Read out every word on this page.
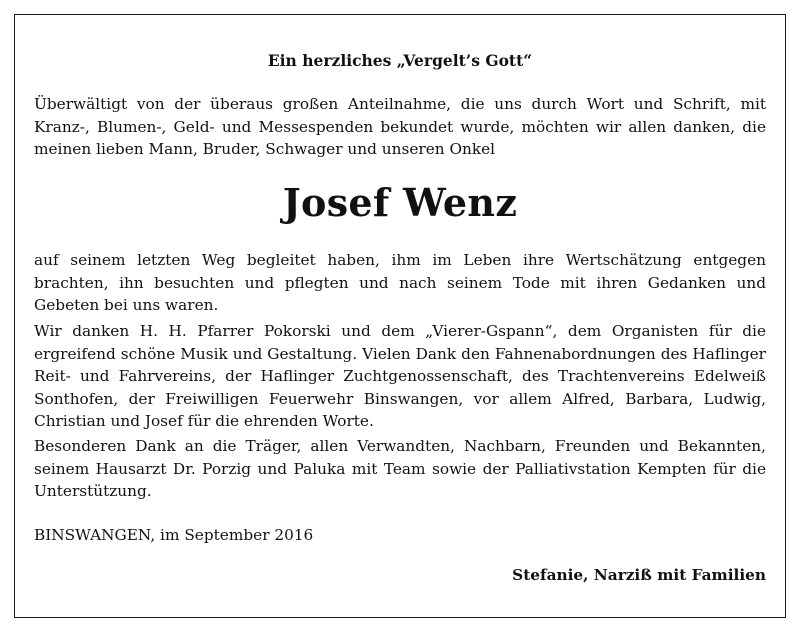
Ein herzliches „Vergelt’s Gott“
Überwältigt von der überaus großen Anteilnahme, die uns durch Wort und Schrift, mit Kranz-, Blumen-, Geld- und Messespenden bekundet wurde, möchten wir allen danken, die meinen lieben Mann, Bruder, Schwager und unseren Onkel
Josef Wenz
auf seinem letzten Weg begleitet haben, ihm im Leben ihre Wertschätzung entgegen brachten, ihn besuchten und pflegten und nach seinem Tode mit ihren Gedanken und Gebeten bei uns waren.
Wir danken H. H. Pfarrer Pokorski und dem „Vierer-Gspann“, dem Organisten für die ergreifend schöne Musik und Gestaltung. Vielen Dank den Fahnenabordnungen des Haflinger Reit- und Fahrvereins, der Haflinger Zuchtgenossenschaft, des Trachtenvereins Edelweiß Sonthofen, der Freiwilligen Feuerwehr Binswangen, vor allem Alfred, Barbara, Ludwig, Christian und Josef für die ehrenden Worte.
Besonderen Dank an die Träger, allen Verwandten, Nachbarn, Freunden und Bekannten, seinem Hausarzt Dr. Porzig und Paluka mit Team sowie der Palliativstation Kempten für die Unterstützung.
BINSWANGEN, im September 2016
Stefanie, Narziß mit Familien
